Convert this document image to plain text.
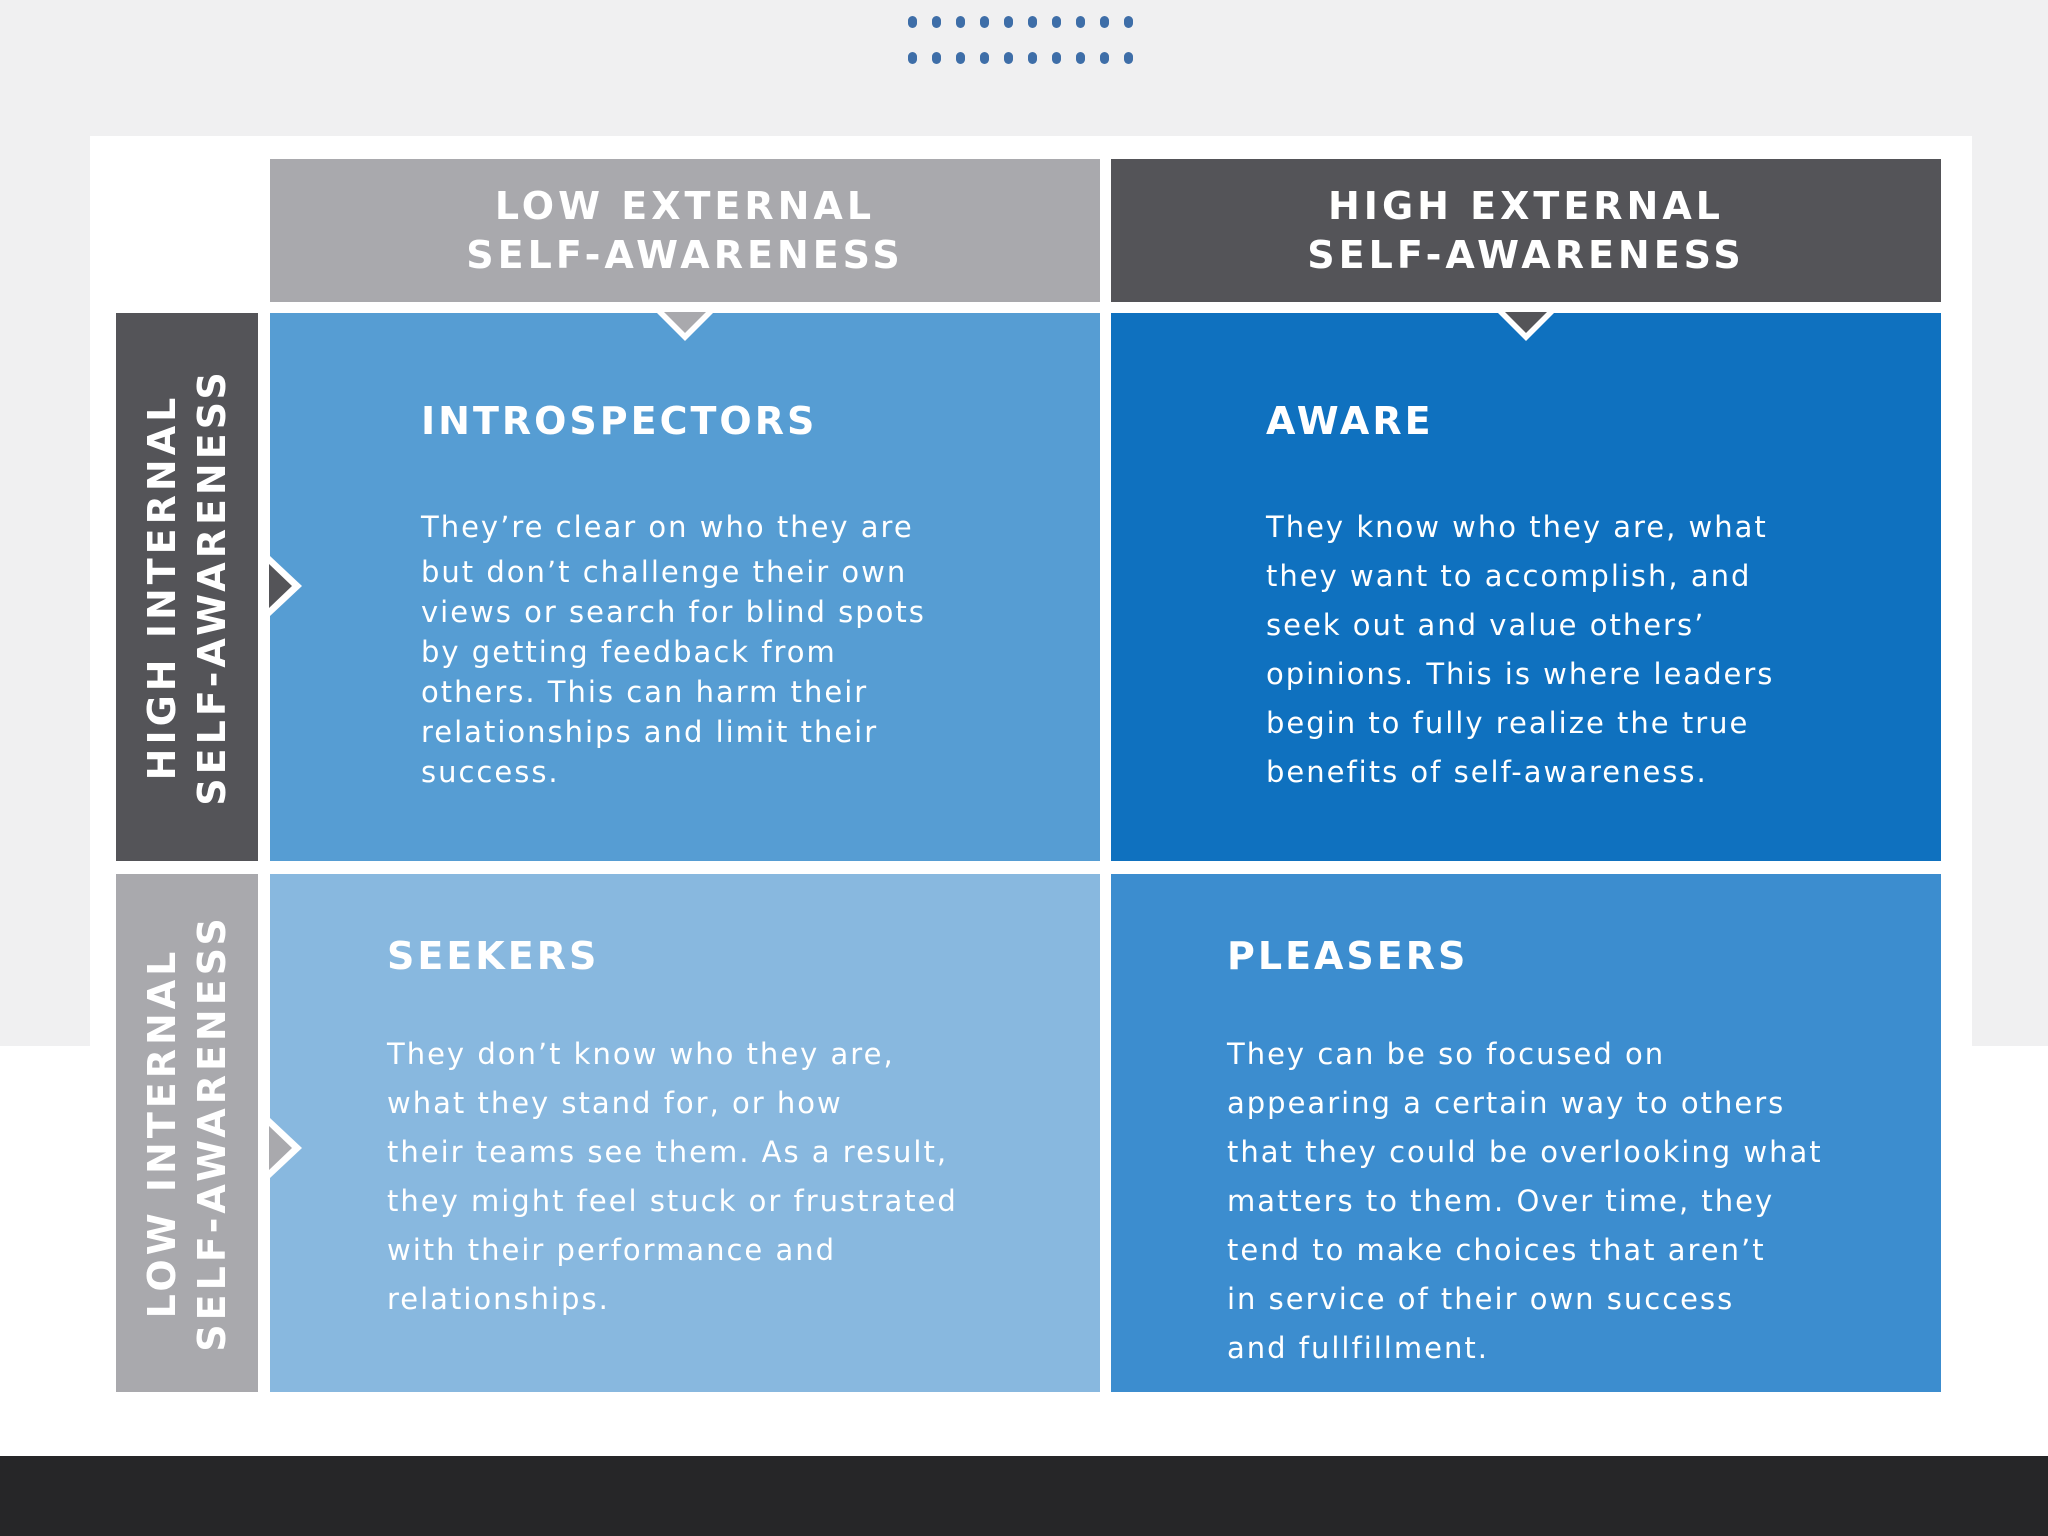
LOW EXTERNAL
SELF-AWARENESS
HIGH EXTERNAL
SELF-AWARENESS
HIGH INTERNAL SELF-AWARENESS
LOW INTERNAL SELF-AWARENESS
INTROSPECTORS
They’re clear on who they are
but don’t challenge their own
views or search for blind spots
by getting feedback from
others. This can harm their
relationships and limit their
success.
AWARE
They know who they are, what
they want to accomplish, and
seek out and value others’
opinions. This is where leaders
begin to fully realize the true
benefits of self-awareness.
SEEKERS
They don’t know who they are,
what they stand for, or how
their teams see them. As a result,
they might feel stuck or frustrated
with their performance and
relationships.
PLEASERS
They can be so focused on
appearing a certain way to others
that they could be overlooking what
matters to them. Over time, they
tend to make choices that aren’t
in service of their own success
and fullfillment.
